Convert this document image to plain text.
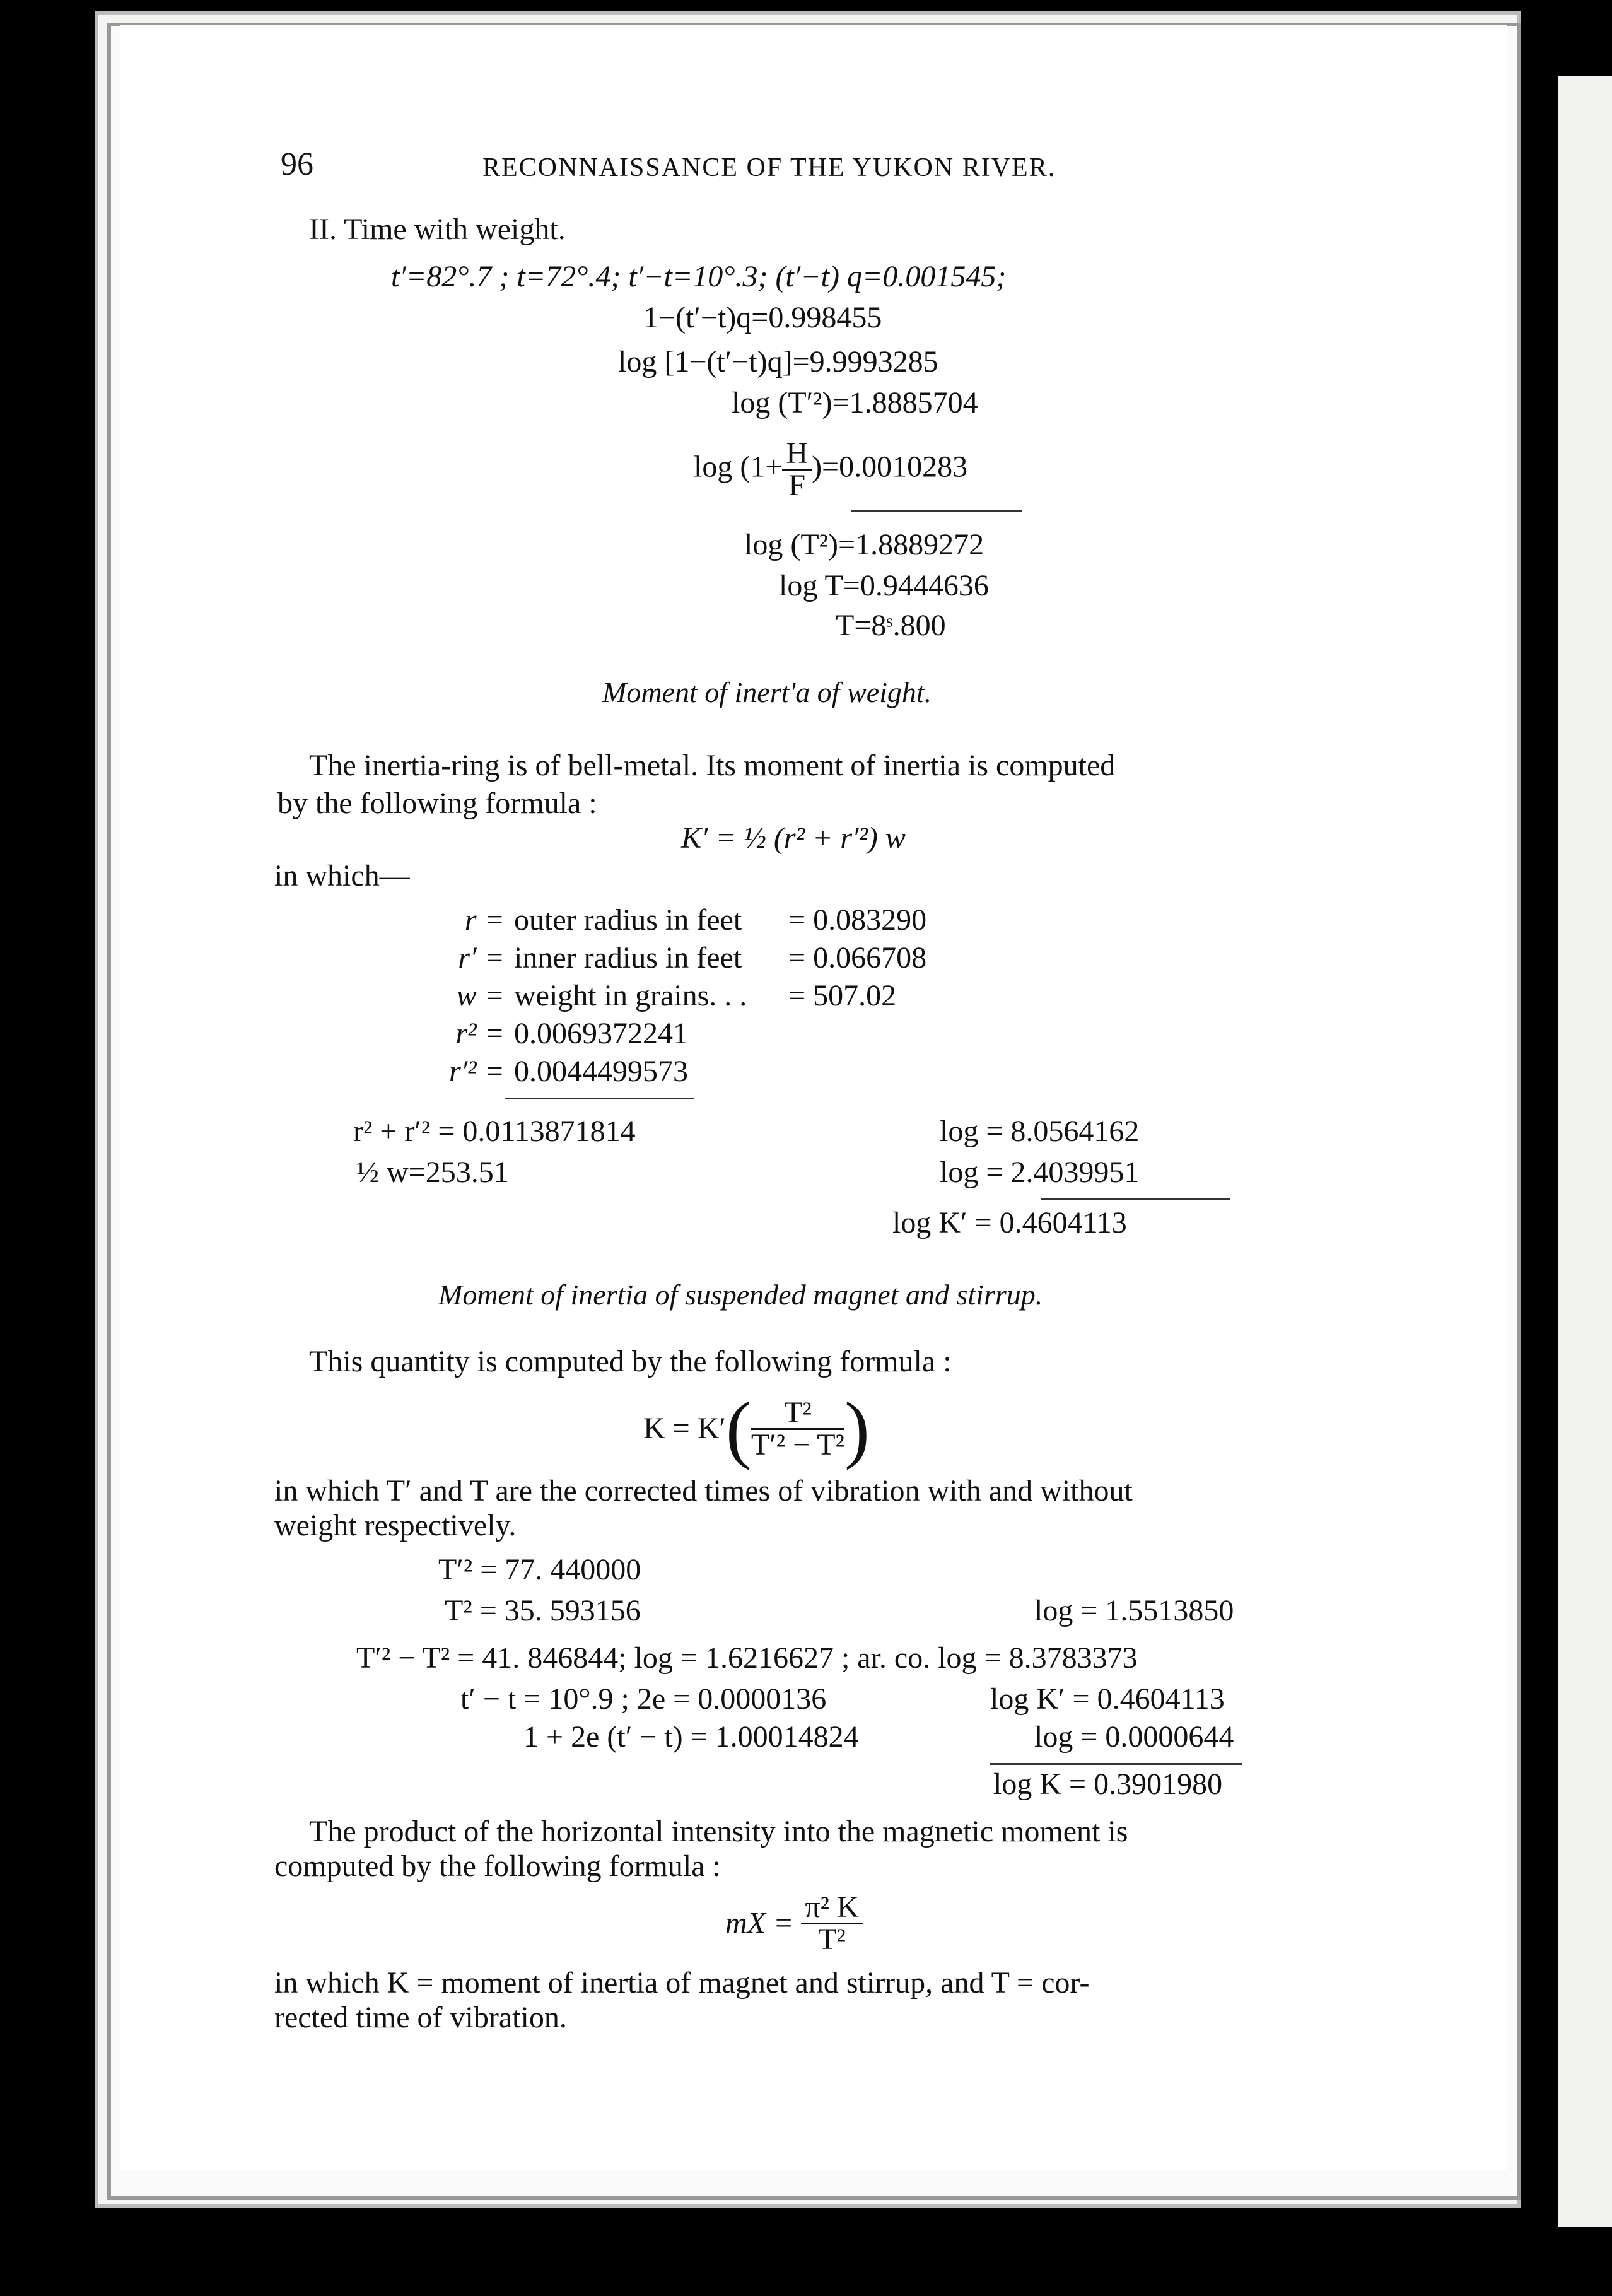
96	RECONNAISSANCE OF THE YUKON RIVER.
II. Time with weight.
t′=82°.7 ; t=72°.4; t′−t=10°.3; (t′−t) q=0.001545;
1−(t′−t)q=0.998455
log [1−(t′−t)q]=9.9993285
log (T′²)=1.8885704
$\log (1+ \frac{H}{F} )=0.0010283$
log (T²)=1.8889272
log T=0.9444636
T=8ˢ.800
Moment of inert'a of weight.
The inertia-ring is of bell-metal. Its moment of inertia is computed
by the following formula :
K′ = ½ (r² + r′²) w
in which—
r = outer radius in feet = 0.083290
r′ = inner radius in feet = 0.066708
w = weight in grains. . . = 507.02
r² = 0.0069372241
r′² = 0.0044499573
r² + r′² = 0.0113871814	log = 8.0564162
½ w=253.51	log = 2.4039951
log K′ = 0.4604113
Moment of inertia of suspended magnet and stirrup.
This quantity is computed by the following formula :
$K = K'( \frac{\text{T²}}{\text{T′² − T²}}$ )
in which T′ and T are the corrected times of vibration with and without
weight respectively.
T′² = 77. 440000
T² = 35. 593156	log = 1.5513850
T′² − T² = 41. 846844; log = 1.6216627 ; ar. co. log = 8.3783373
t′ − t = 10°.9 ; 2e = 0.0000136	log K′ = 0.4604113
1 + 2e (t′ − t) = 1.00014824	log = 0.0000644
log K = 0.3901980
The product of the horizontal intensity into the magnetic moment is
computed by the following formula :
mX = $\frac{\text{π² K}}{\text{T²}}$
in which K = moment of inertia of magnet and stirrup, and T = cor-
rected time of vibration.
